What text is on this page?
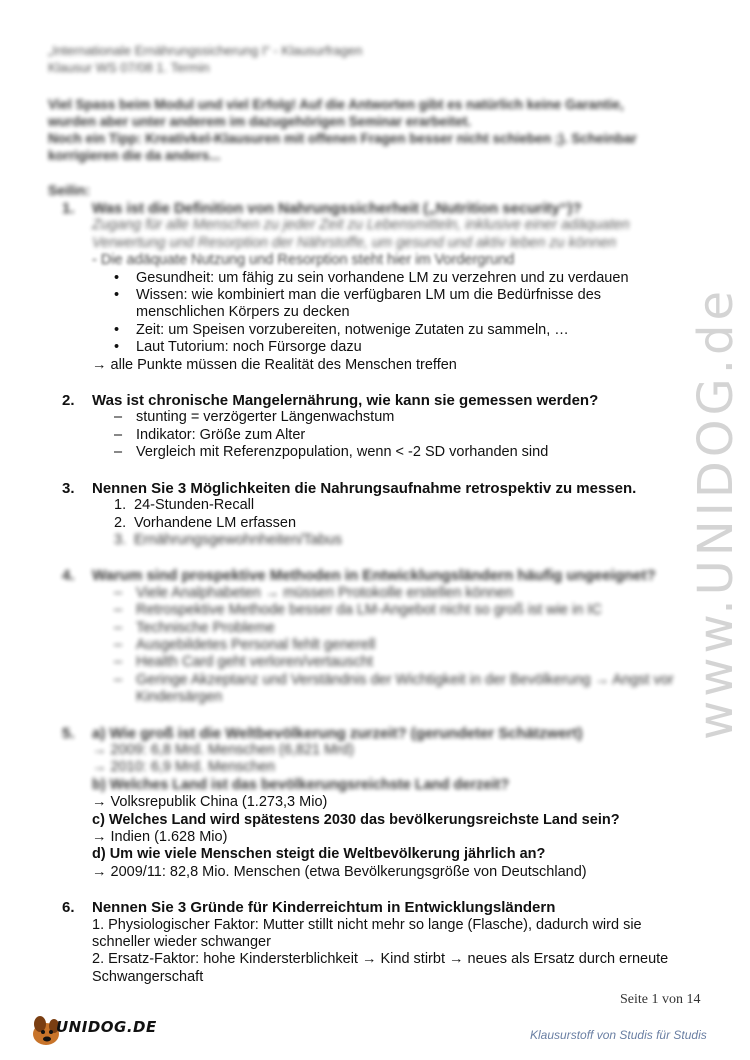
„Internationale Ernährungssicherung I“ - Klausurfragen
Klausur WS 07/08 1. Termin
Viel Spass beim Modul und viel Erfolg! Auf die Antworten gibt es natürlich keine Garantie,
wurden aber unter anderem im dazugehörigen Seminar erarbeitet.
Noch ein Tipp: Kreativkel-Klausuren mit offenen Fragen besser nicht schieben ;). Scheinbar
korrigieren die da anders...
Seilin:
1.	Was ist die Definition von Nahrungssicherheit („Nutrition security“)?
Zugang für alle Menschen zu jeder Zeit zu Lebensmitteln, inklusive einer adäquaten
Verwertung und Resorption der Nährstoffe, um gesund und aktiv leben zu können
- Die adäquate Nutzung und Resorption steht hier im Vordergrund
• Gesundheit: um fähig zu sein vorhandene LM zu verzehren und zu verdauen
• Wissen: wie kombiniert man die verfügbaren LM um die Bedürfnisse des
menschlichen Körpers zu decken
• Zeit: um Speisen vorzubereiten, notwenige Zutaten zu sammeln, …
• Laut Tutorium: noch Fürsorge dazu
→ alle Punkte müssen die Realität des Menschen treffen
2.	Was ist chronische Mangelernährung, wie kann sie gemessen werden?
– stunting = verzögerter Längenwachstum
– Indikator: Größe zum Alter
– Vergleich mit Referenzpopulation, wenn < -2 SD vorhanden sind
3.	Nennen Sie 3 Möglichkeiten die Nahrungsaufnahme retrospektiv zu messen.
1. 24-Stunden-Recall
2. Vorhandene LM erfassen
3. Ernährungsgewohnheiten/Tabus
4.	Warum sind prospektive Methoden in Entwicklungsländern häufig ungeeignet?
– Viele Analphabeten → müssen Protokolle erstellen können
– Retrospektive Methode besser da LM-Angebot nicht so groß ist wie in IC
– Technische Probleme
– Ausgebildetes Personal fehlt generell
– Health Card geht verloren/vertauscht
– Geringe Akzeptanz und Verständnis der Wichtigkeit in der Bevölkerung → Angst vor
Kindersärgen
5.	a) Wie groß ist die Weltbevölkerung zurzeit? (gerundeter Schätzwert)
→ 2009: 6,8 Mrd. Menschen (6,821 Mrd)
→ 2010: 6,9 Mrd. Menschen
b) Welches Land ist das bevölkerungsreichste Land derzeit?
→ Volksrepublik China (1.273,3 Mio)
c) Welches Land wird spätestens 2030 das bevölkerungsreichste Land sein?
→ Indien (1.628 Mio)
d) Um wie viele Menschen steigt die Weltbevölkerung jährlich an?
→ 2009/11: 82,8 Mio. Menschen (etwa Bevölkerungsgröße von Deutschland)
6.	Nennen Sie 3 Gründe für Kinderreichtum in Entwicklungsländern
1. Physiologischer Faktor: Mutter stillt nicht mehr so lange (Flasche), dadurch wird sie
schneller wieder schwanger
2. Ersatz-Faktor: hohe Kindersterblichkeit → Kind stirbt → neues als Ersatz durch erneute
Schwangerschaft
www.UNIDOG.de
Seite 1 von 14
UNIDOG.DE	Klausurstoff von Studis für Studis
